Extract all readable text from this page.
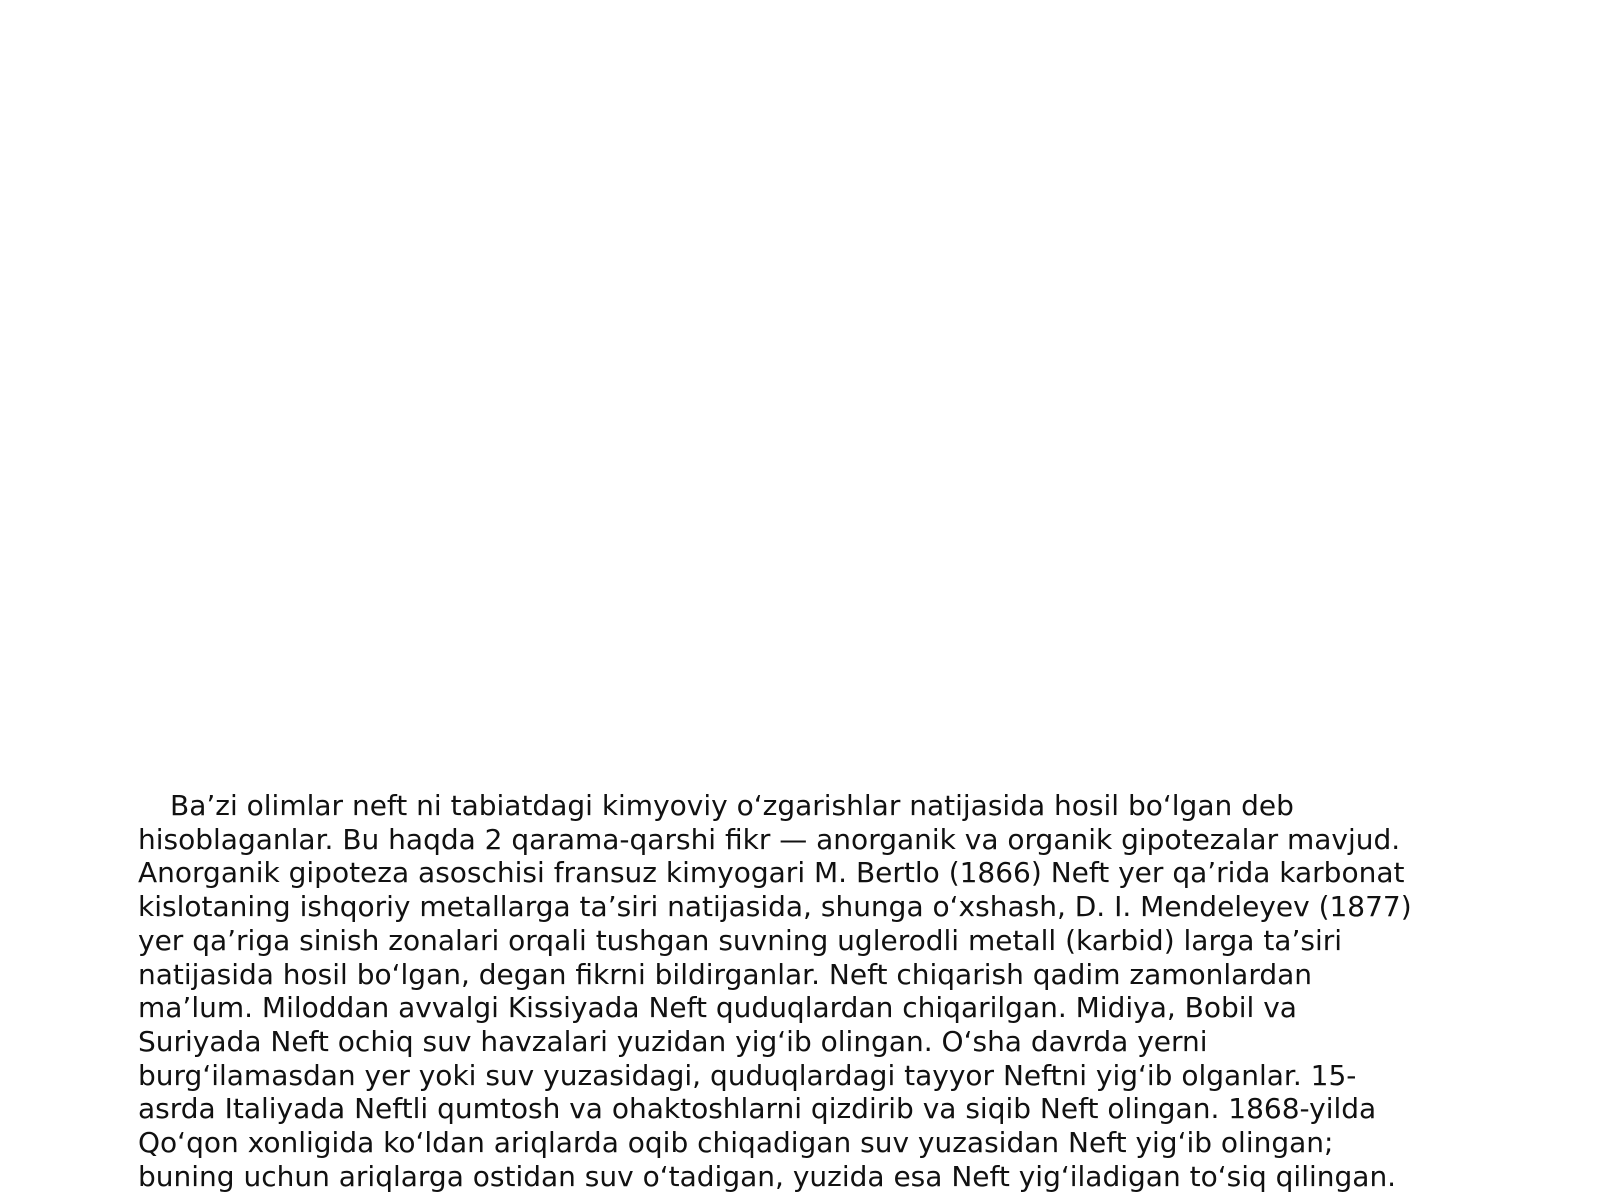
Ba’zi olimlar neft ni tabiatdagi kimyoviy o‘zgarishlar natijasida hosil bo‘lgan deb
hisoblaganlar. Bu haqda 2 qarama-qarshi fikr — anorganik va organik gipotezalar mavjud.
Anorganik gipoteza asoschisi fransuz kimyogari M. Bertlo (1866) Neft yer qa’rida karbonat
kislotaning ishqoriy metallarga ta’siri natijasida, shunga o‘xshash, D. I. Mendeleyev (1877)
yer qa’riga sinish zonalari orqali tushgan suvning uglerodli metall (karbid) larga ta’siri
natijasida hosil bo‘lgan, degan fikrni bildirganlar. Neft chiqarish qadim zamonlardan
ma’lum. Miloddan avvalgi Kissiyada Neft quduqlardan chiqarilgan. Midiya, Bobil va
Suriyada Neft ochiq suv havzalari yuzidan yig‘ib olingan. O‘sha davrda yerni
burg‘ilamasdan yer yoki suv yuzasidagi, quduqlardagi tayyor Neftni yig‘ib olganlar. 15-
asrda Italiyada Neftli qumtosh va ohaktoshlarni qizdirib va siqib Neft olingan. 1868-yilda
Qo‘qon xonligida ko‘ldan ariqlarda oqib chiqadigan suv yuzasidan Neft yig‘ib olingan;
buning uchun ariqlarga ostidan suv o‘tadigan, yuzida esa Neft yig‘iladigan to‘siq qilingan.
